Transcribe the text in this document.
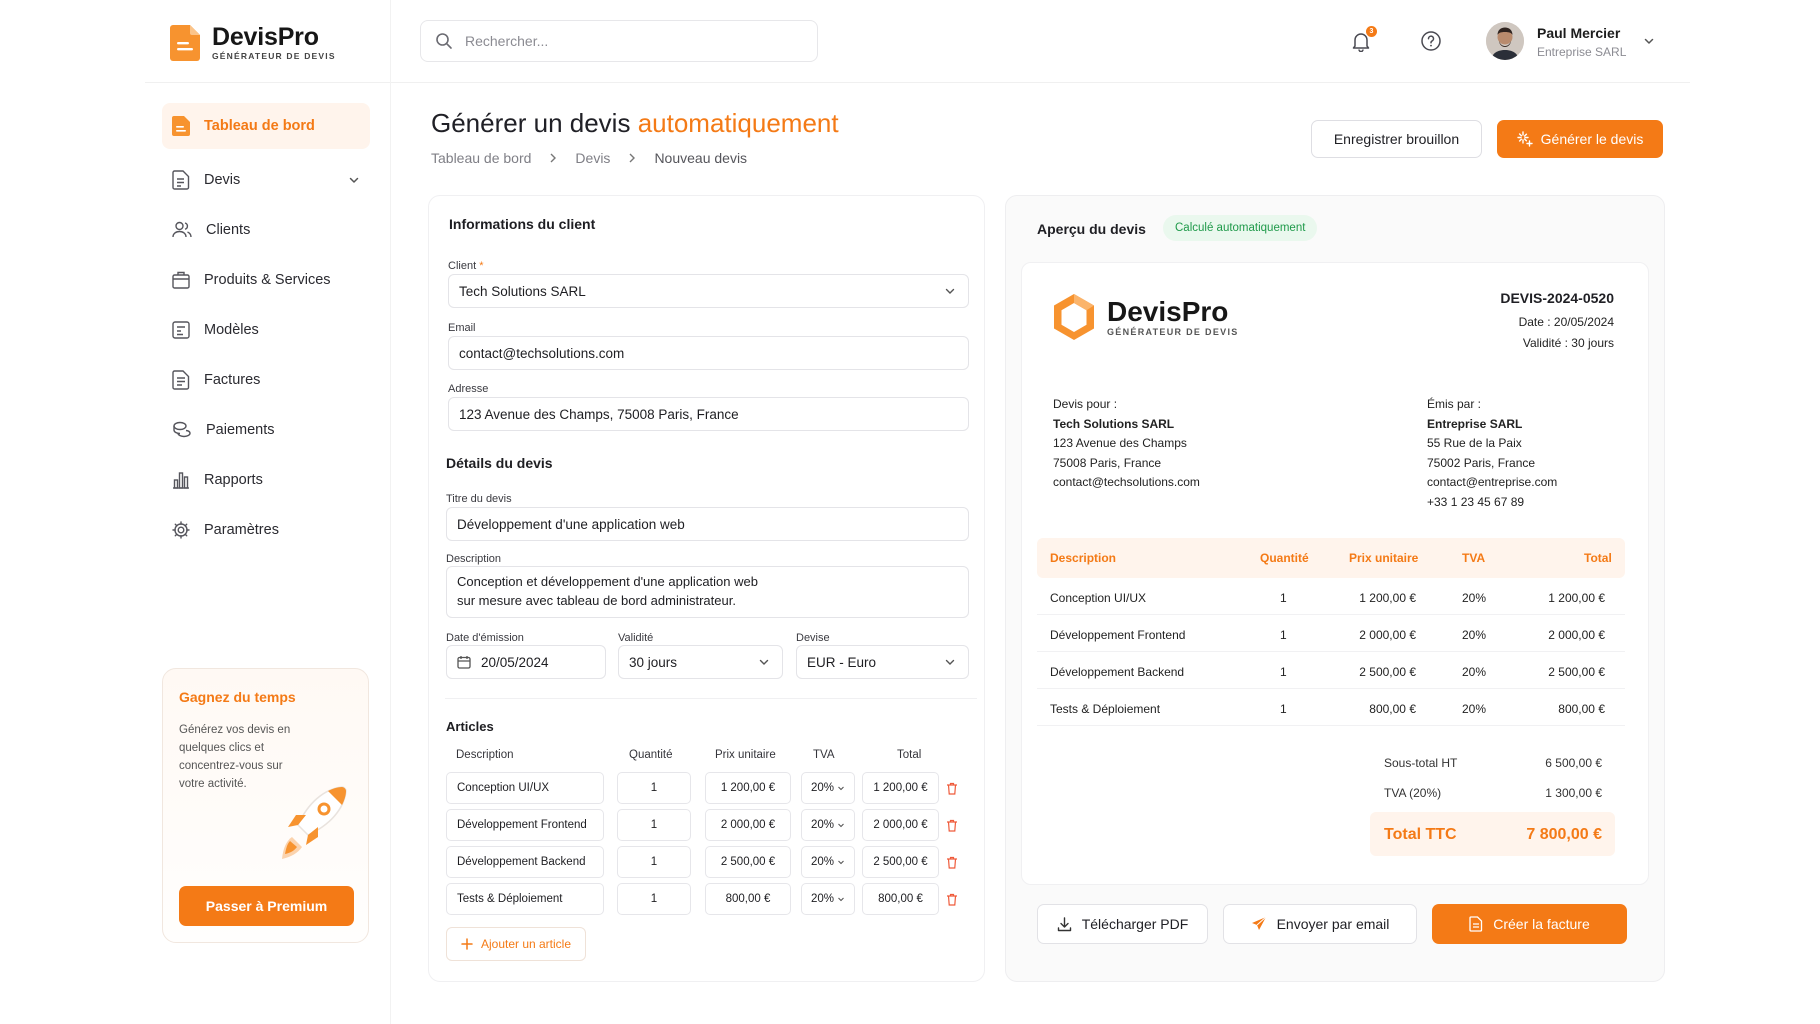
DevisPro
GÉNÉRATEUR DE DEVIS
Rechercher...
3	Paul Mercier
Entreprise SARL
Tableau de bord
Devis
Clients
Produits & Services
Modèles
Factures
Paiements
Rapports
Paramètres
Gagnez du temps
Générez vos devis en quelques clics et concentrez-vous sur votre activité.
Passer à Premium
Générer un devis automatiquement
Tableau de bord	Devis	Nouveau devis
Enregistrer brouillon	Générer le devis
Informations du client
Client *
Tech Solutions SARL
Email
contact@techsolutions.com
Adresse
123 Avenue des Champs, 75008 Paris, France
Détails du devis
Titre du devis
Développement d'une application web
Description
Conception et développement d'une application web
sur mesure avec tableau de bord administrateur.
Date d'émission
20/05/2024
Validité
30 jours
Devise
EUR - Euro
Articles
Description	Quantité	Prix unitaire	TVA	Total
Conception UI/UX	1	1 200,00 €	20%	1 200,00 €
Développement Frontend	1	2 000,00 €	20%	2 000,00 €
Développement Backend	1	2 500,00 €	20%	2 500,00 €
Tests & Déploiement	1	800,00 €	20%	800,00 €
Ajouter un article
Aperçu du devis	Calculé automatiquement
DevisPro
GÉNÉRATEUR DE DEVIS
DEVIS-2024-0520
Date : 20/05/2024
Validité : 30 jours
Devis pour :
Tech Solutions SARL
123 Avenue des Champs
75008 Paris, France
contact@techsolutions.com
Émis par :
Entreprise SARL
55 Rue de la Paix
75002 Paris, France
contact@entreprise.com
+33 1 23 45 67 89
Description	Quantité	Prix unitaire	TVA	Total
Conception UI/UX	1	1 200,00 €	20%	1 200,00 €
Développement Frontend	1	2 000,00 €	20%	2 000,00 €
Développement Backend	1	2 500,00 €	20%	2 500,00 €
Tests & Déploiement	1	800,00 €	20%	800,00 €
Sous-total HT	6 500,00 €
TVA (20%)	1 300,00 €
Total TTC	7 800,00 €
Télécharger PDF	Envoyer par email	Créer la facture
